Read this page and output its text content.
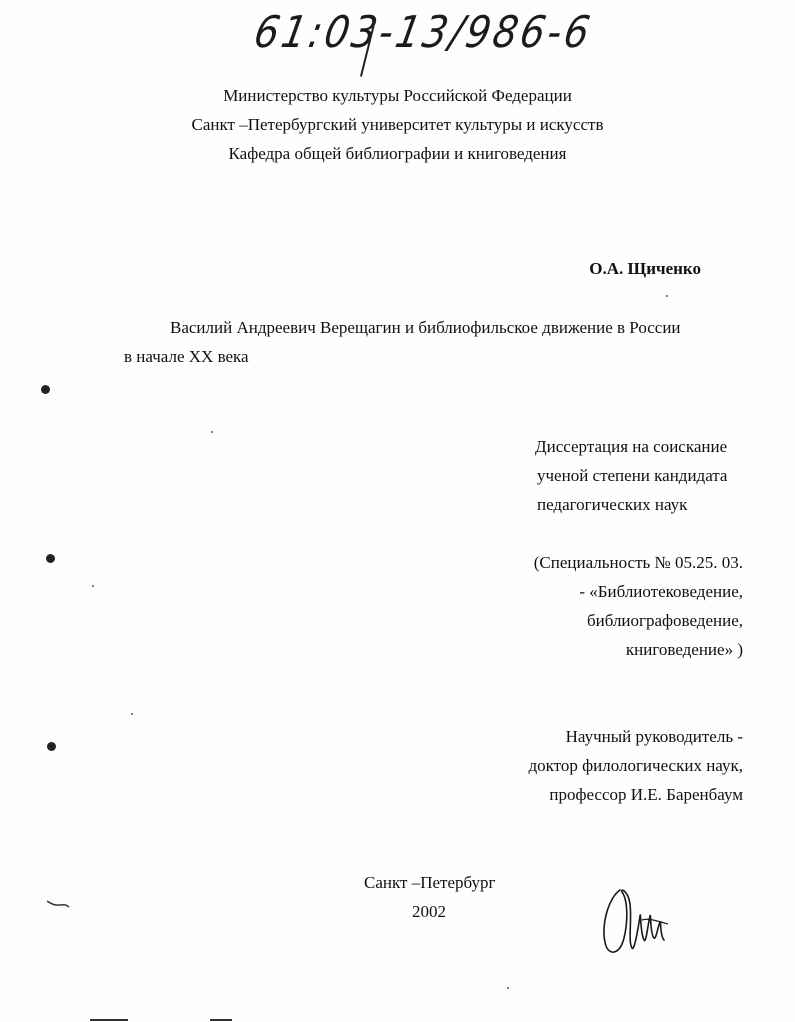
61:03-13/986-6
Министерство культуры Российской Федерации
Санкт –Петербургский университет культуры и искусств
Кафедра общей библиографии и книговедения
О.А. Щиченко
Василий Андреевич Верещагин и библиофильское движение в России
в начале XX века
Диссертация на соискание
ученой степени кандидата
педагогических наук
(Специальность № 05.25. 03.
- «Библиотековедение,
библиографоведение,
книговедение» )
Научный руководитель -
доктор филологических наук,
профессор И.Е. Баренбаум
Санкт –Петербург
2002
